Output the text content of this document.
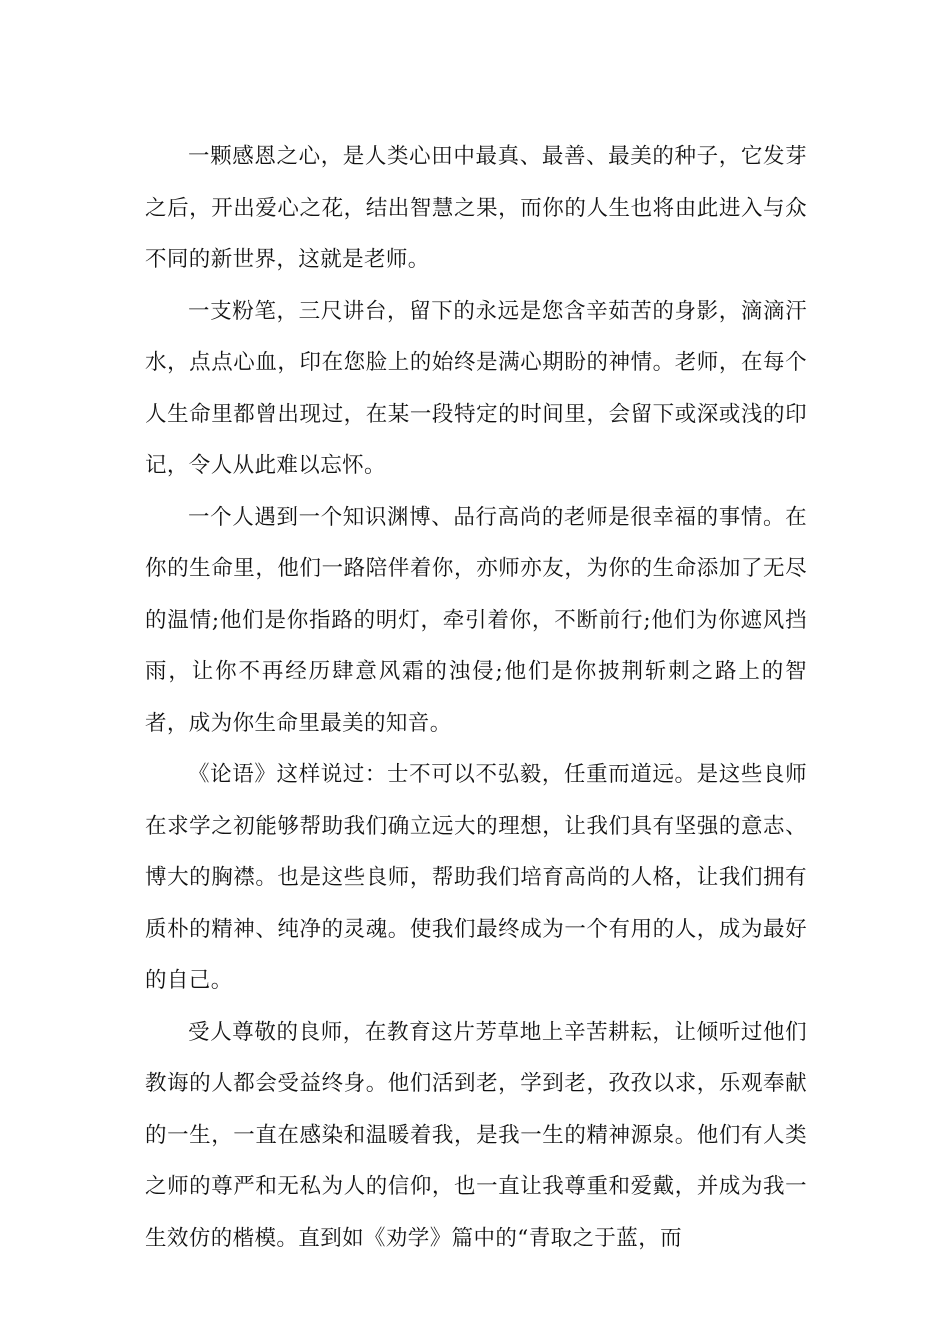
一颗感恩之心，是人类心田中最真、最善、最美的种子，它发芽之后，开出爱心之花，结出智慧之果，而你的人生也将由此进入与众不同的新世界，这就是老师。

一支粉笔，三尺讲台，留下的永远是您含辛茹苦的身影，滴滴汗水，点点心血，印在您脸上的始终是满心期盼的神情。老师，在每个人生命里都曾出现过，在某一段特定的时间里，会留下或深或浅的印记，令人从此难以忘怀。

一个人遇到一个知识渊博、品行高尚的老师是很幸福的事情。在你的生命里，他们一路陪伴着你，亦师亦友，为你的生命添加了无尽的温情;他们是你指路的明灯，牵引着你，不断前行;他们为你遮风挡雨，让你不再经历肆意风霜的浊侵;他们是你披荆斩刺之路上的智者，成为你生命里最美的知音。

《论语》这样说过：士不可以不弘毅，任重而道远。是这些良师在求学之初能够帮助我们确立远大的理想，让我们具有坚强的意志、博大的胸襟。也是这些良师，帮助我们培育高尚的人格，让我们拥有质朴的精神、纯净的灵魂。使我们最终成为一个有用的人，成为最好的自己。

受人尊敬的良师，在教育这片芳草地上辛苦耕耘，让倾听过他们教诲的人都会受益终身。他们活到老，学到老，孜孜以求，乐观奉献的一生，一直在感染和温暖着我，是我一生的精神源泉。他们有人类之师的尊严和无私为人的信仰，也一直让我尊重和爱戴，并成为我一生效仿的楷模。直到如《劝学》篇中的“青取之于蓝，而
